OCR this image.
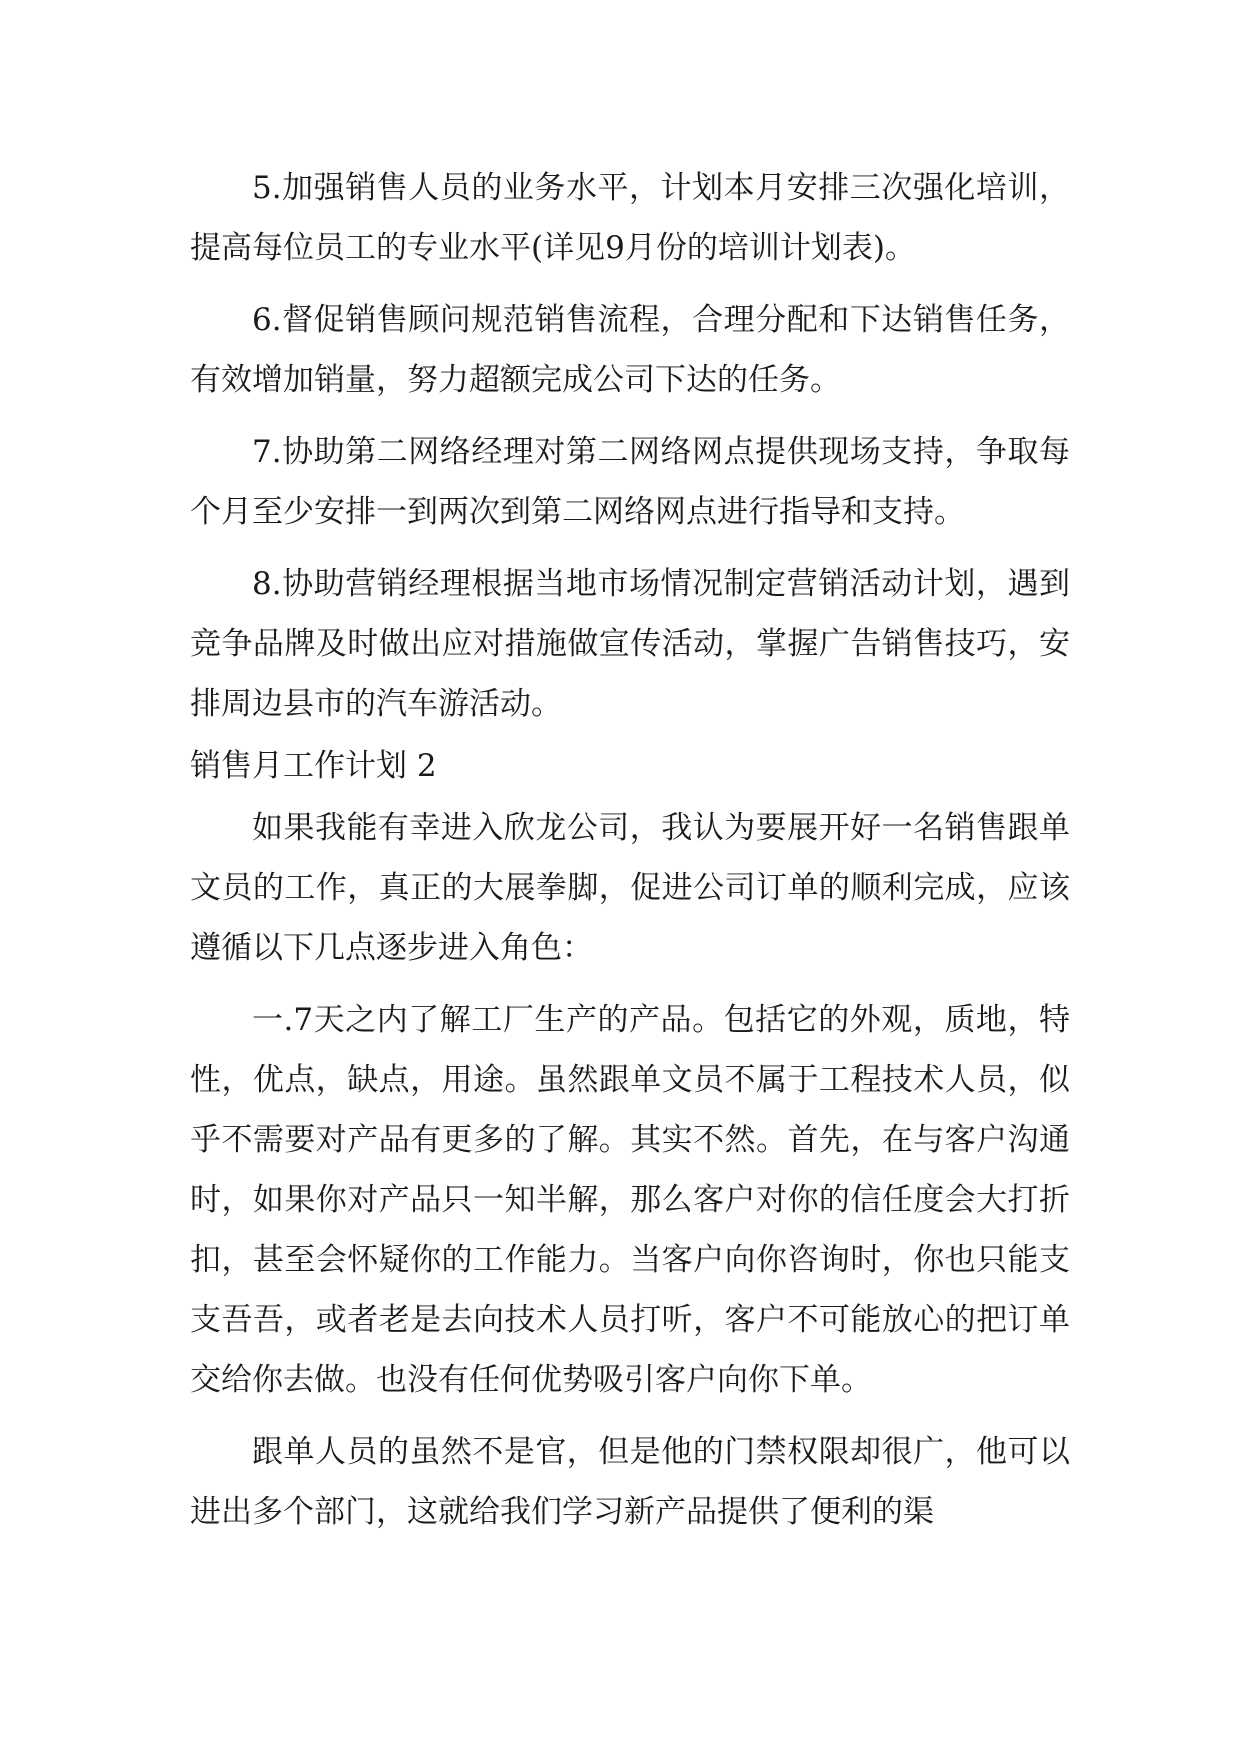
5.加强销售人员的业务水平，计划本月安排三次强化培训，提高每位员工的专业水平(详见9月份的培训计划表)。

6.督促销售顾问规范销售流程，合理分配和下达销售任务，有效增加销量，努力超额完成公司下达的任务。

7.协助第二网络经理对第二网络网点提供现场支持，争取每个月至少安排一到两次到第二网络网点进行指导和支持。

8.协助营销经理根据当地市场情况制定营销活动计划，遇到竞争品牌及时做出应对措施做宣传活动，掌握广告销售技巧，安排周边县市的汽车游活动。

销售月工作计划 2

如果我能有幸进入欣龙公司，我认为要展开好一名销售跟单文员的工作，真正的大展拳脚，促进公司订单的顺利完成，应该遵循以下几点逐步进入角色：

一.7天之内了解工厂生产的产品。包括它的外观，质地，特性，优点，缺点，用途。虽然跟单文员不属于工程技术人员，似乎不需要对产品有更多的了解。其实不然。首先，在与客户沟通时，如果你对产品只一知半解，那么客户对你的信任度会大打折扣，甚至会怀疑你的工作能力。当客户向你咨询时，你也只能支支吾吾，或者老是去向技术人员打听，客户不可能放心的把订单交给你去做。也没有任何优势吸引客户向你下单。

跟单人员的虽然不是官，但是他的门禁权限却很广，他可以进出多个部门，这就给我们学习新产品提供了便利的渠
